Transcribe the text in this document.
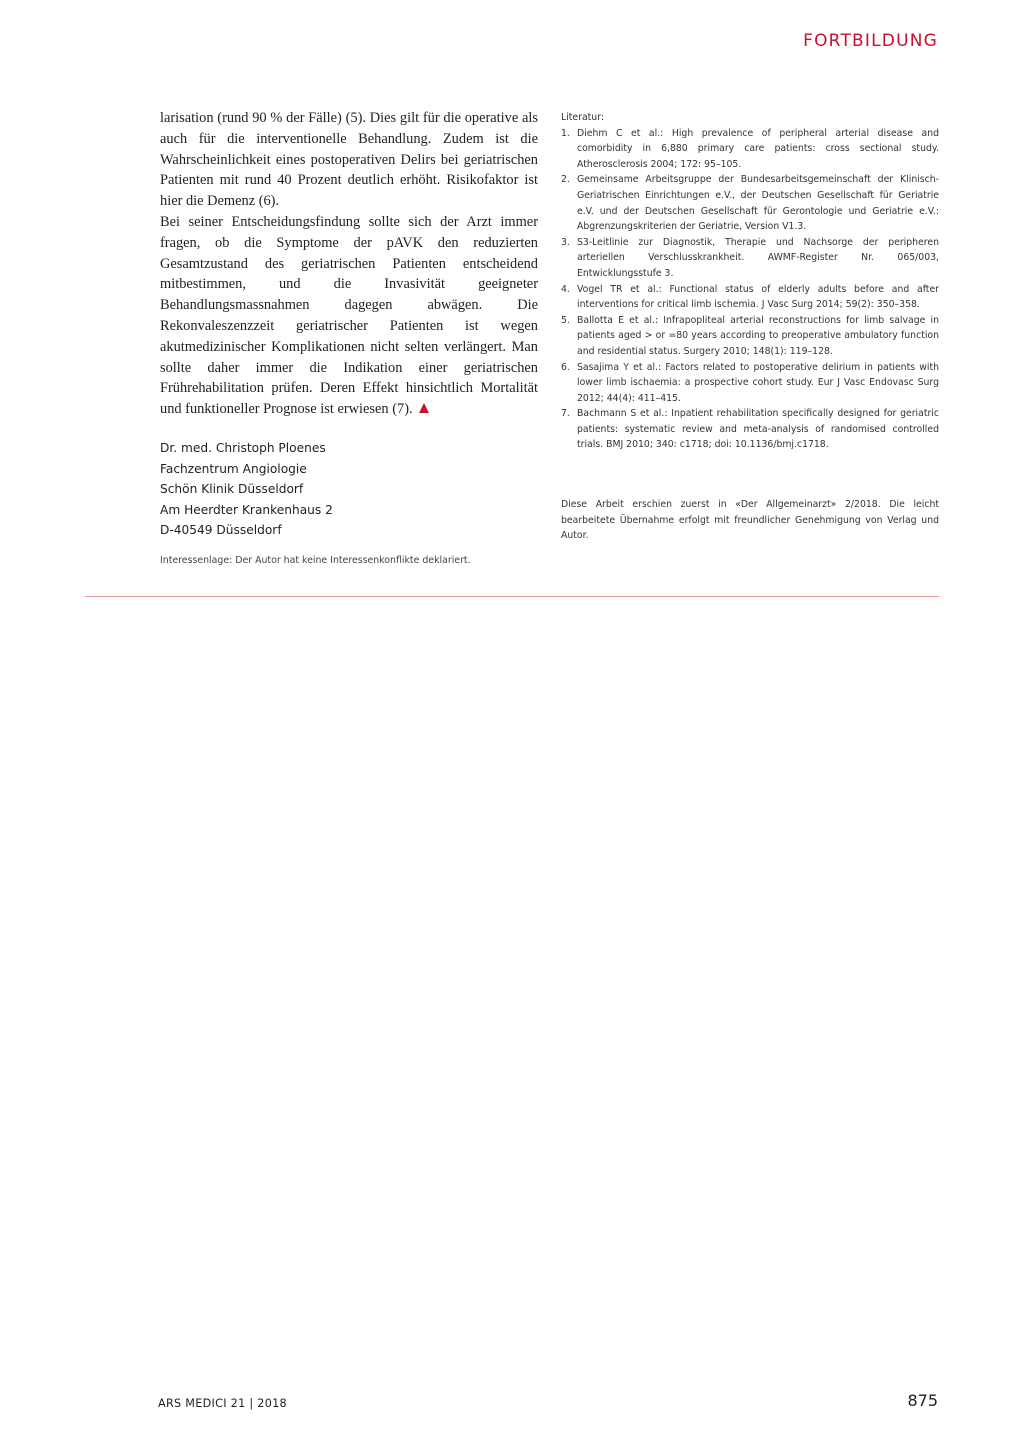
FORTBILDUNG

larisation (rund 90 % der Fälle) (5). Dies gilt für die operative als auch für die interventionelle Behandlung. Zudem ist die Wahrscheinlichkeit eines postoperativen Delirs bei geriatrischen Patienten mit rund 40 Prozent deutlich erhöht. Risikofaktor ist hier die Demenz (6).

Bei seiner Entscheidungsfindung sollte sich der Arzt immer fragen, ob die Symptome der pAVK den reduzierten Gesamtzustand des geriatrischen Patienten entscheidend mitbestimmen, und die Invasivität geeigneter Behandlungsmassnahmen dagegen abwägen. Die Rekonvaleszenzzeit geriatrischer Patienten ist wegen akutmedizinischer Komplikationen nicht selten verlängert. Man sollte daher immer die Indikation einer geriatrischen Frührehabilitation prüfen. Deren Effekt hinsichtlich Mortalität und funktioneller Prognose ist erwiesen (7).

Dr. med. Christoph Ploenes
Fachzentrum Angiologie
Schön Klinik Düsseldorf
Am Heerdter Krankenhaus 2
D-40549 Düsseldorf
Interessenlage: Der Autor hat keine Interessenkonflikte deklariert.
Literatur:
1. Diehm C et al.: High prevalence of peripheral arterial disease and comorbidity in 6,880 primary care patients: cross sectional study. Atherosclerosis 2004; 172: 95–105.
2. Gemeinsame Arbeitsgruppe der Bundesarbeitsgemeinschaft der Klinisch-Geriatrischen Einrichtungen e.V., der Deutschen Gesellschaft für Geriatrie e.V. und der Deutschen Gesellschaft für Gerontologie und Geriatrie e.V.: Abgrenzungskriterien der Geriatrie, Version V1.3.
3. S3-Leitlinie zur Diagnostik, Therapie und Nachsorge der peripheren arteriellen Verschlusskrankheit. AWMF-Register Nr. 065/003, Entwicklungsstufe 3.
4. Vogel TR et al.: Functional status of elderly adults before and after interventions for critical limb ischemia. J Vasc Surg 2014; 59(2): 350–358.
5. Ballotta E et al.: Infrapopliteal arterial reconstructions for limb salvage in patients aged > or =80 years according to preoperative ambulatory function and residential status. Surgery 2010; 148(1): 119–128.
6. Sasajima Y et al.: Factors related to postoperative delirium in patients with lower limb ischaemia: a prospective cohort study. Eur J Vasc Endovasc Surg 2012; 44(4): 411–415.
7. Bachmann S et al.: Inpatient rehabilitation specifically designed for geriatric patients: systematic review and meta-analysis of randomised controlled trials. BMJ 2010; 340: c1718; doi: 10.1136/bmj.c1718.
Diese Arbeit erschien zuerst in «Der Allgemeinarzt» 2/2018. Die leicht bearbeitete Übernahme erfolgt mit freundlicher Genehmigung von Verlag und Autor.
ARS MEDICI 21 | 2018	875
